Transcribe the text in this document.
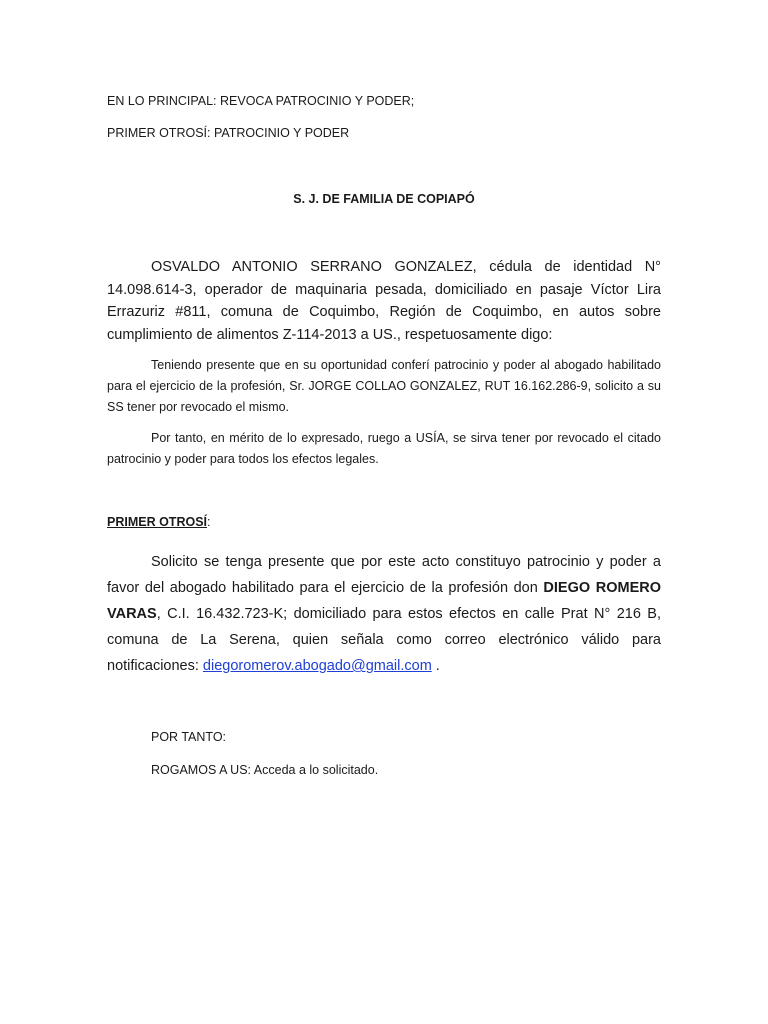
EN LO PRINCIPAL: REVOCA PATROCINIO Y PODER;

PRIMER OTROSÍ: PATROCINIO Y PODER

S. J. DE FAMILIA DE COPIAPÓ

OSVALDO ANTONIO SERRANO GONZALEZ, cédula de identidad N° 14.098.614-3, operador de maquinaria pesada, domiciliado en pasaje Víctor Lira Errazuriz #811, comuna de Coquimbo, Región de Coquimbo, en autos sobre cumplimiento de alimentos Z-114-2013 a US., respetuosamente digo:

Teniendo presente que en su oportunidad conferí patrocinio y poder al abogado habilitado para el ejercicio de la profesión, Sr. JORGE COLLAO GONZALEZ, RUT 16.162.286-9, solicito a su SS tener por revocado el mismo.

Por tanto, en mérito de lo expresado, ruego a USÍA, se sirva tener por revocado el citado patrocinio y poder para todos los efectos legales.

PRIMER OTROSÍ:

Solicito se tenga presente que por este acto constituyo patrocinio y poder a favor del abogado habilitado para el ejercicio de la profesión don DIEGO ROMERO VARAS, C.I. 16.432.723-K; domiciliado para estos efectos en calle Prat N° 216 B, comuna de La Serena, quien señala como correo electrónico válido para notificaciones: diegoromerov.abogado@gmail.com .

POR TANTO:

ROGAMOS A US: Acceda a lo solicitado.
